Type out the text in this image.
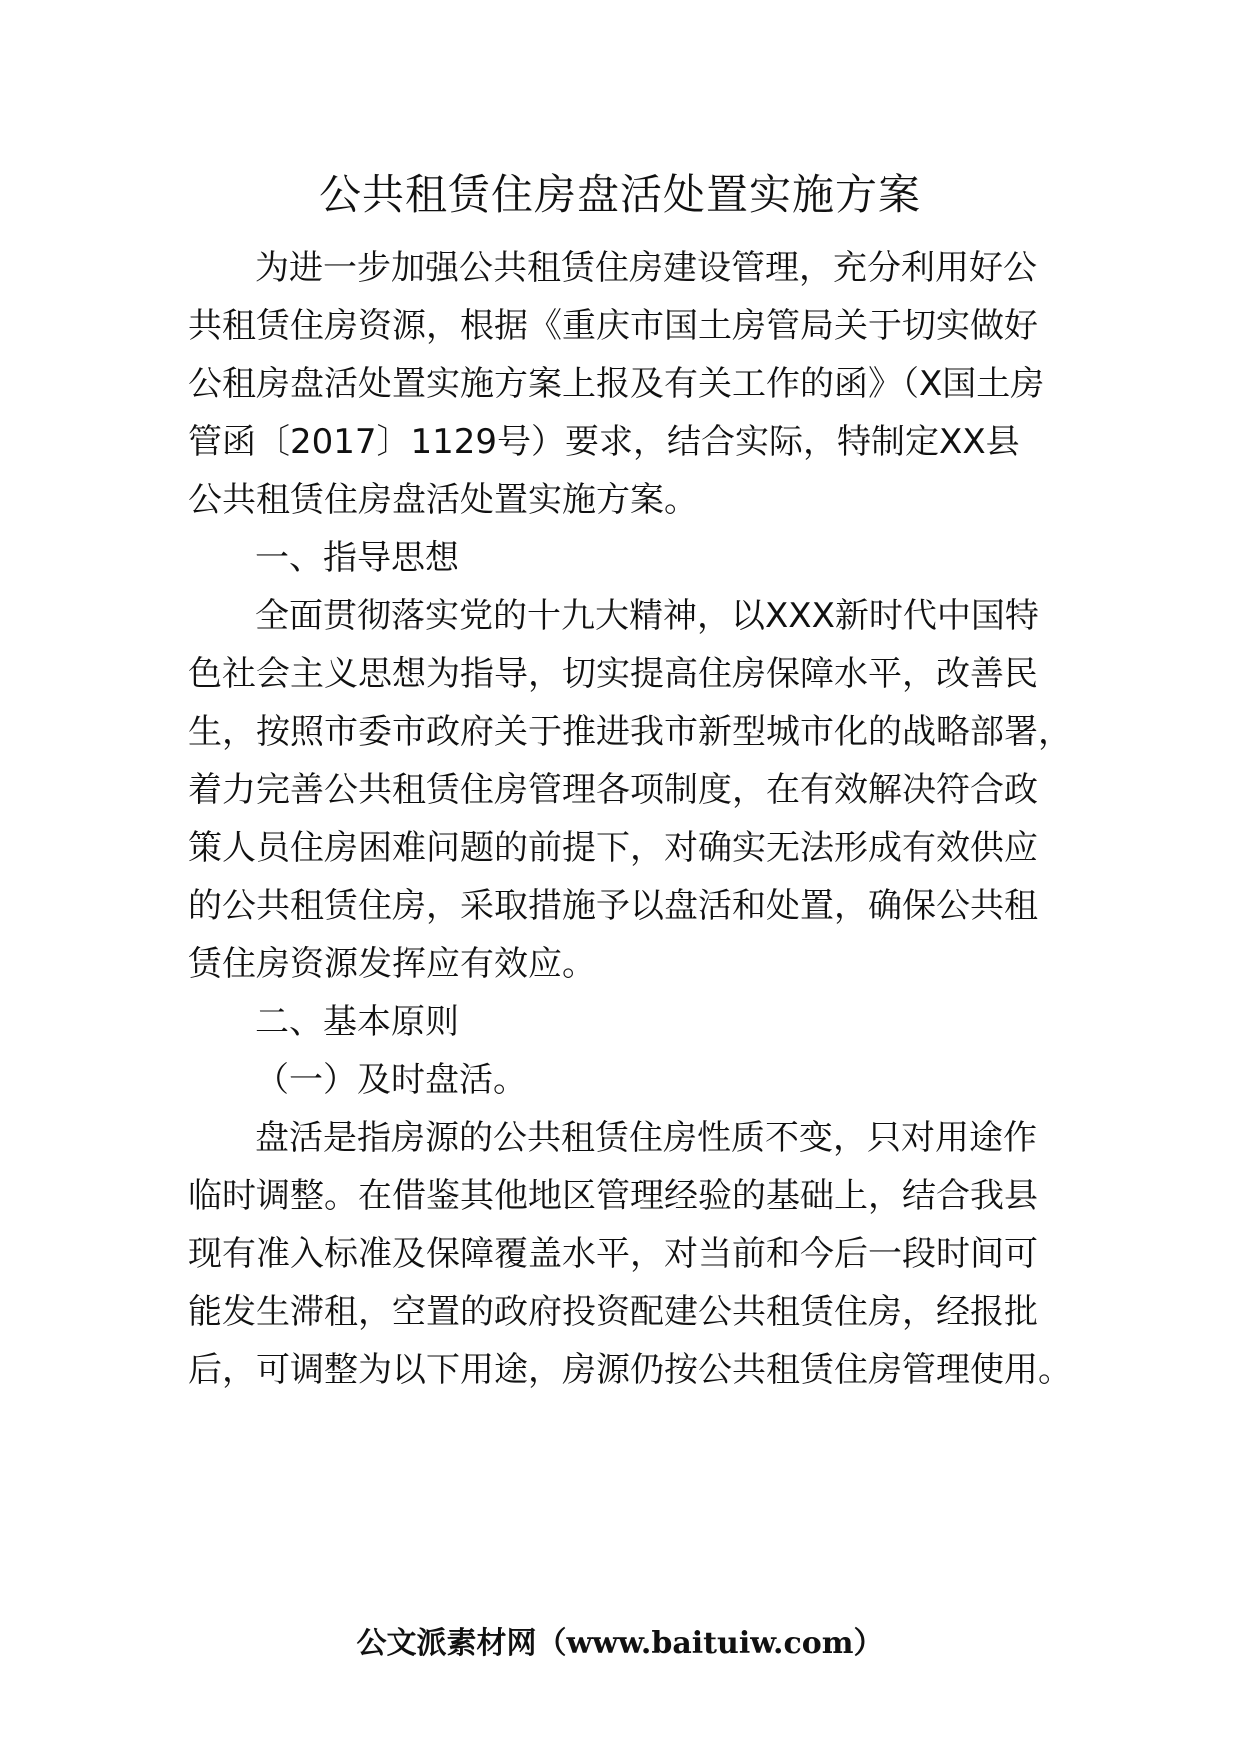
公共租赁住房盘活处置实施方案
为进一步加强公共租赁住房建设管理，充分利用好公
共租赁住房资源，根据《重庆市国土房管局关于切实做好
公租房盘活处置实施方案上报及有关工作的函》（X国土房
管函〔2017〕1129号）要求，结合实际，特制定XX县
公共租赁住房盘活处置实施方案。
一、指导思想
全面贯彻落实党的十九大精神，以XXX新时代中国特
色社会主义思想为指导，切实提高住房保障水平，改善民
生，按照市委市政府关于推进我市新型城市化的战略部署，
着力完善公共租赁住房管理各项制度，在有效解决符合政
策人员住房困难问题的前提下，对确实无法形成有效供应
的公共租赁住房，采取措施予以盘活和处置，确保公共租
赁住房资源发挥应有效应。
二、基本原则
（一）及时盘活。
盘活是指房源的公共租赁住房性质不变，只对用途作
临时调整。在借鉴其他地区管理经验的基础上，结合我县
现有准入标准及保障覆盖水平，对当前和今后一段时间可
能发生滞租，空置的政府投资配建公共租赁住房，经报批
后，可调整为以下用途，房源仍按公共租赁住房管理使用。
公文派素材网（www.baituiw.com）
